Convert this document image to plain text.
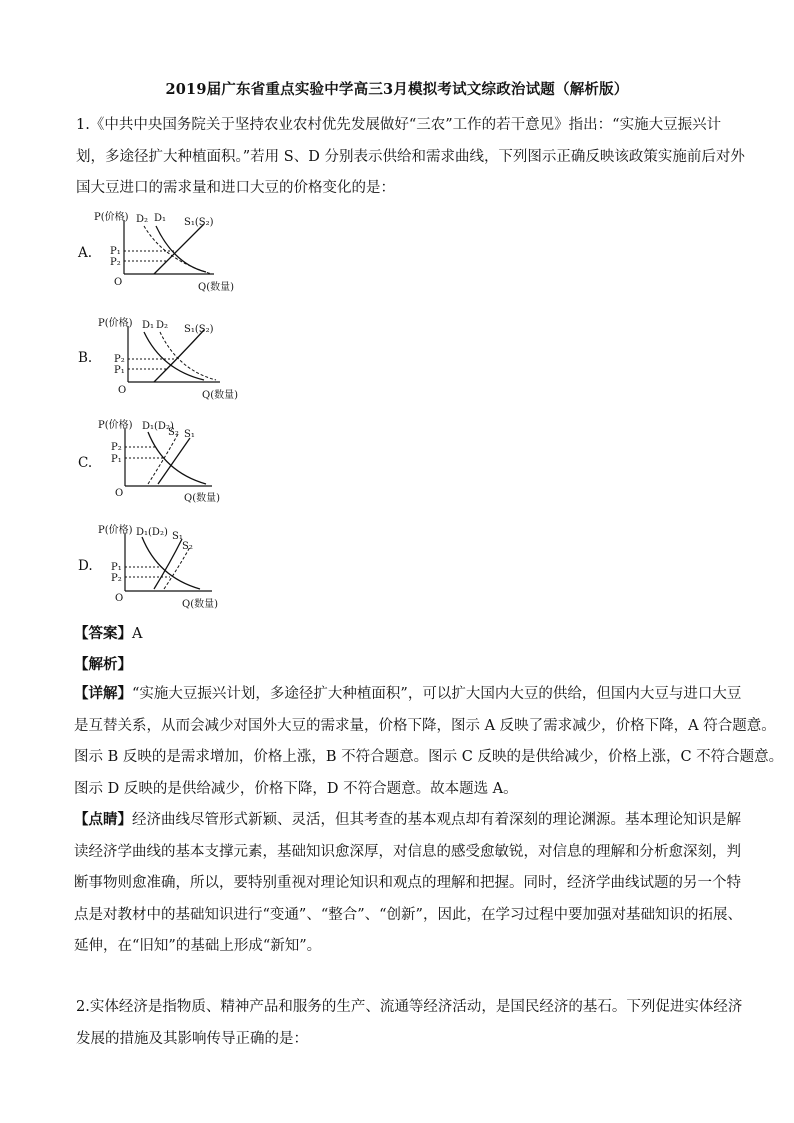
2019届广东省重点实验中学高三3月模拟考试文综政治试题（解析版）
1.《中共中央国务院关于坚持农业农村优先发展做好“三农”工作的若干意见》指出：“实施大豆振兴计
划，多途径扩大种植面积。”若用 S、D 分别表示供给和需求曲线，下列图示正确反映该政策实施前后对外
国大豆进口的需求量和进口大豆的价格变化的是：
A.
P(价格) D₂ D₁ S₁(S₂)
P₁
P₂
O	Q(数量)
B.
P(价格) D₁ D₂ S₁(S₂)
P₂
P₁
O	Q(数量)
C.
P(价格) D₁(D₂)
S₂ S₁
P₂
P₁
O	Q(数量)
D.
P(价格) D₁(D₂) S₁
S₂
P₁
P₂
O
Q(数量)
【答案】A
【解析】
【详解】“实施大豆振兴计划，多途径扩大种植面积”，可以扩大国内大豆的供给，但国内大豆与进口大豆
是互替关系，从而会减少对国外大豆的需求量，价格下降，图示 A 反映了需求减少，价格下降，A 符合题意。
图示 B 反映的是需求增加，价格上涨，B 不符合题意。图示 C 反映的是供给减少，价格上涨，C 不符合题意。
图示 D 反映的是供给减少，价格下降，D 不符合题意。故本题选 A。
【点睛】经济曲线尽管形式新颖、灵活，但其考查的基本观点却有着深刻的理论渊源。基本理论知识是解
读经济学曲线的基本支撑元素，基础知识愈深厚，对信息的感受愈敏锐，对信息的理解和分析愈深刻，判
断事物则愈准确，所以，要特别重视对理论知识和观点的理解和把握。同时，经济学曲线试题的另一个特
点是对教材中的基础知识进行“变通”、“整合”、“创新”，因此，在学习过程中要加强对基础知识的拓展、
延伸，在“旧知”的基础上形成“新知”。
2.实体经济是指物质、精神产品和服务的生产、流通等经济活动，是国民经济的基石。下列促进实体经济
发展的措施及其影响传导正确的是：
